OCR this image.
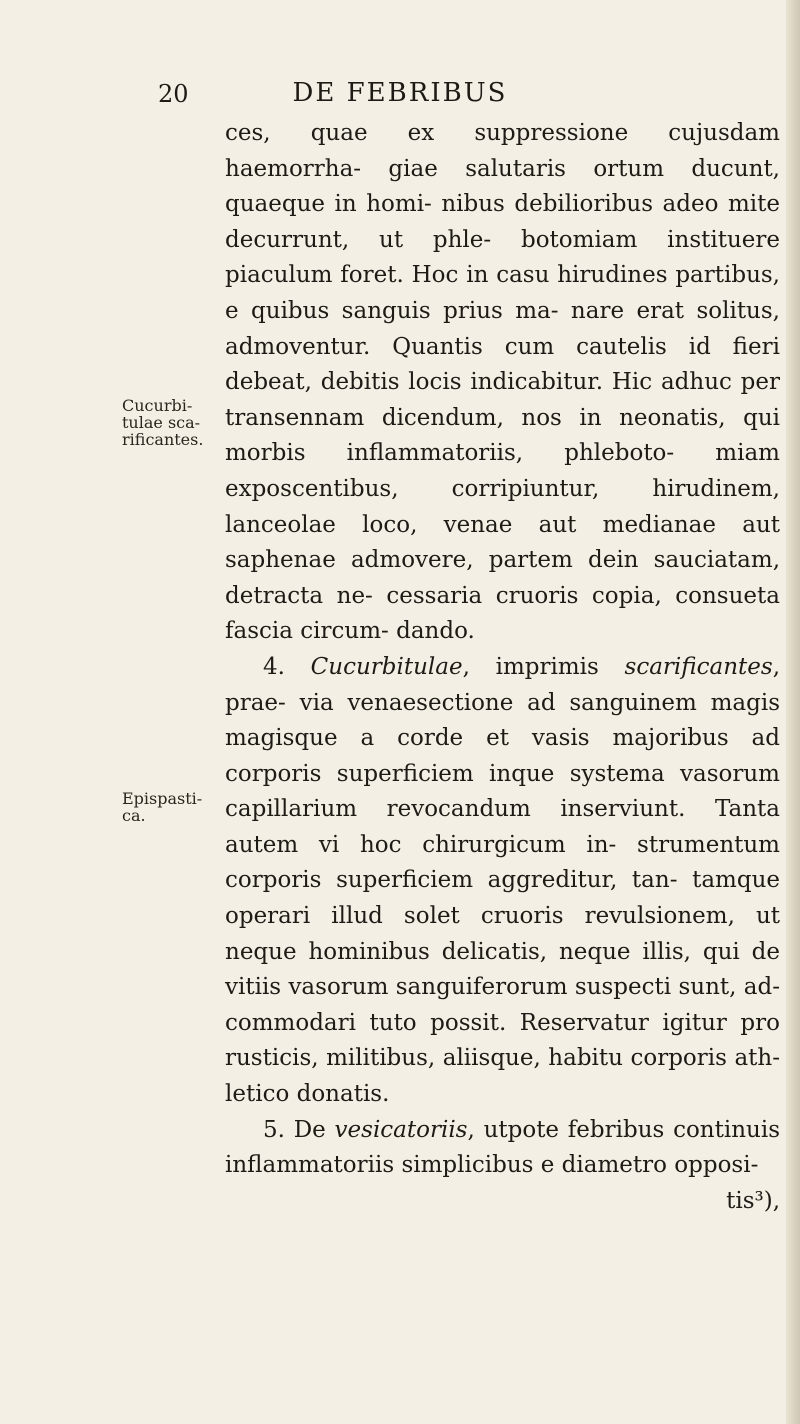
20	DE FEBRIBUS
Cucurbi- tulae sca- rificantes.
Epispasti- ca.

ces, quae ex suppressione cujusdam haemorrha- giae salutaris ortum ducunt, quaeque in homi- nibus debilioribus adeo mite decurrunt, ut phle- botomiam instituere piaculum foret. Hoc in casu hirudines partibus, e quibus sanguis prius ma- nare erat solitus, admoventur. Quantis cum cautelis id fieri debeat, debitis locis indicabitur. Hic adhuc per transennam dicendum, nos in neonatis, qui morbis inflammatoriis, phleboto- miam exposcentibus, corripiuntur, hirudinem, lanceolae loco, venae aut medianae aut saphenae admovere, partem dein sauciatam, detracta ne- cessaria cruoris copia, consueta fascia circum- dando.

4. Cucurbitulae, imprimis scarificantes, prae- via venaesectione ad sanguinem magis magisque a corde et vasis majoribus ad corporis superficiem inque systema vasorum capillarium revocandum inserviunt. Tanta autem vi hoc chirurgicum in- strumentum corporis superficiem aggreditur, tan- tamque operari illud solet cruoris revulsionem, ut neque hominibus delicatis, neque illis, qui de vitiis vasorum sanguiferorum suspecti sunt, ad- commodari tuto possit. Reservatur igitur pro rusticis, militibus, aliisque, habitu corporis ath- letico donatis.

5. De vesicatoriis, utpote febribus continuis inflammatoriis simplicibus e diametro opposi-

tis³),
